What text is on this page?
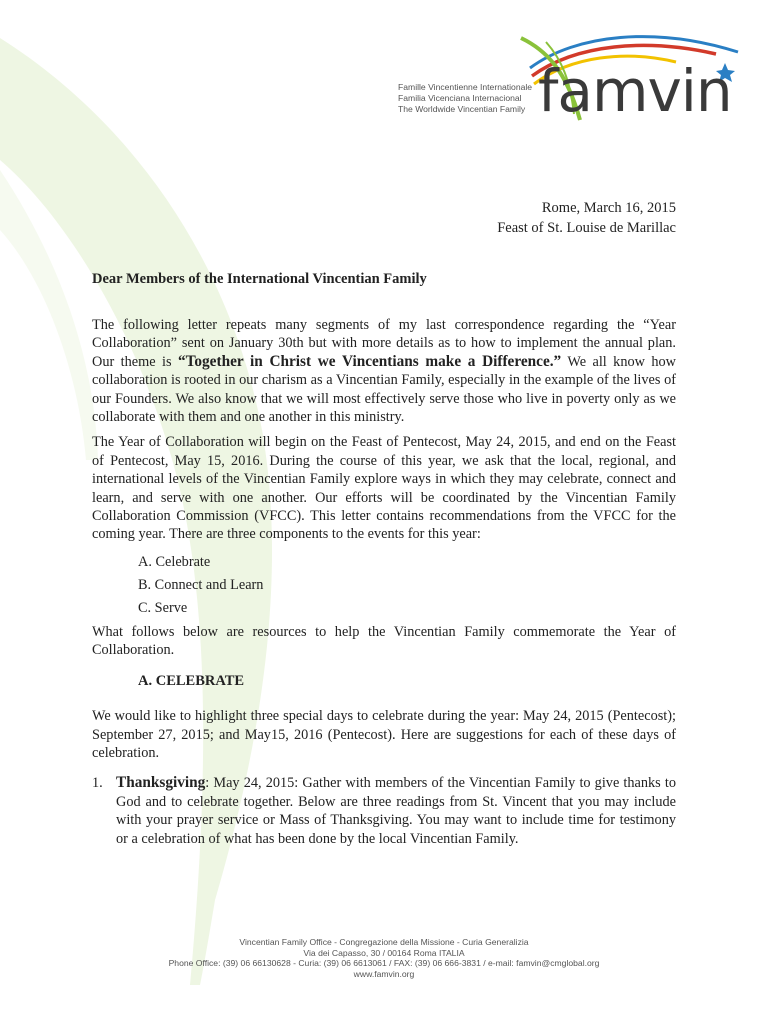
Famille Vincentienne Internationale
Familia Vicenciana Internacional
The Worldwide Vincentian Family famvin
Rome, March 16, 2015
Feast of St. Louise de Marillac
Dear Members of the International Vincentian Family

The following letter repeats many segments of my last correspondence regarding the “Year Collaboration” sent on January 30th but with more details as to how to implement the annual plan. Our theme is “Together in Christ we Vincentians make a Difference.” We all know how collaboration is rooted in our charism as a Vincentian Family, especially in the example of the lives of our Founders. We also know that we will most effectively serve those who live in poverty only as we collaborate with them and one another in this ministry.

The Year of Collaboration will begin on the Feast of Pentecost, May 24, 2015, and end on the Feast of Pentecost, May 15, 2016. During the course of this year, we ask that the local, regional, and international levels of the Vincentian Family explore ways in which they may celebrate, connect and learn, and serve with one another. Our efforts will be coordinated by the Vincentian Family Collaboration Commission (VFCC). This letter contains recommendations from the VFCC for the coming year. There are three components to the events for this year:

A. Celebrate
B. Connect and Learn
C. Serve

What follows below are resources to help the Vincentian Family commemorate the Year of Collaboration.

A. CELEBRATE

We would like to highlight three special days to celebrate during the year: May 24, 2015 (Pentecost); September 27, 2015; and May15, 2016 (Pentecost). Here are suggestions for each of these days of celebration.

1. Thanksgiving: May 24, 2015: Gather with members of the Vincentian Family to give thanks to God and to celebrate together. Below are three readings from St. Vincent that you may include with your prayer service or Mass of Thanksgiving. You may want to include time for testimony or a celebration of what has been done by the local Vincentian Family.
Vincentian Family Office - Congregazione della Missione - Curia Generalizia
Via dei Capasso, 30 / 00164 Roma ITALIA
Phone Office: (39) 06 66130628 - Curia: (39) 06 6613061 / FAX: (39) 06 666-3831 / e-mail: famvin@cmglobal.org
www.famvin.org
